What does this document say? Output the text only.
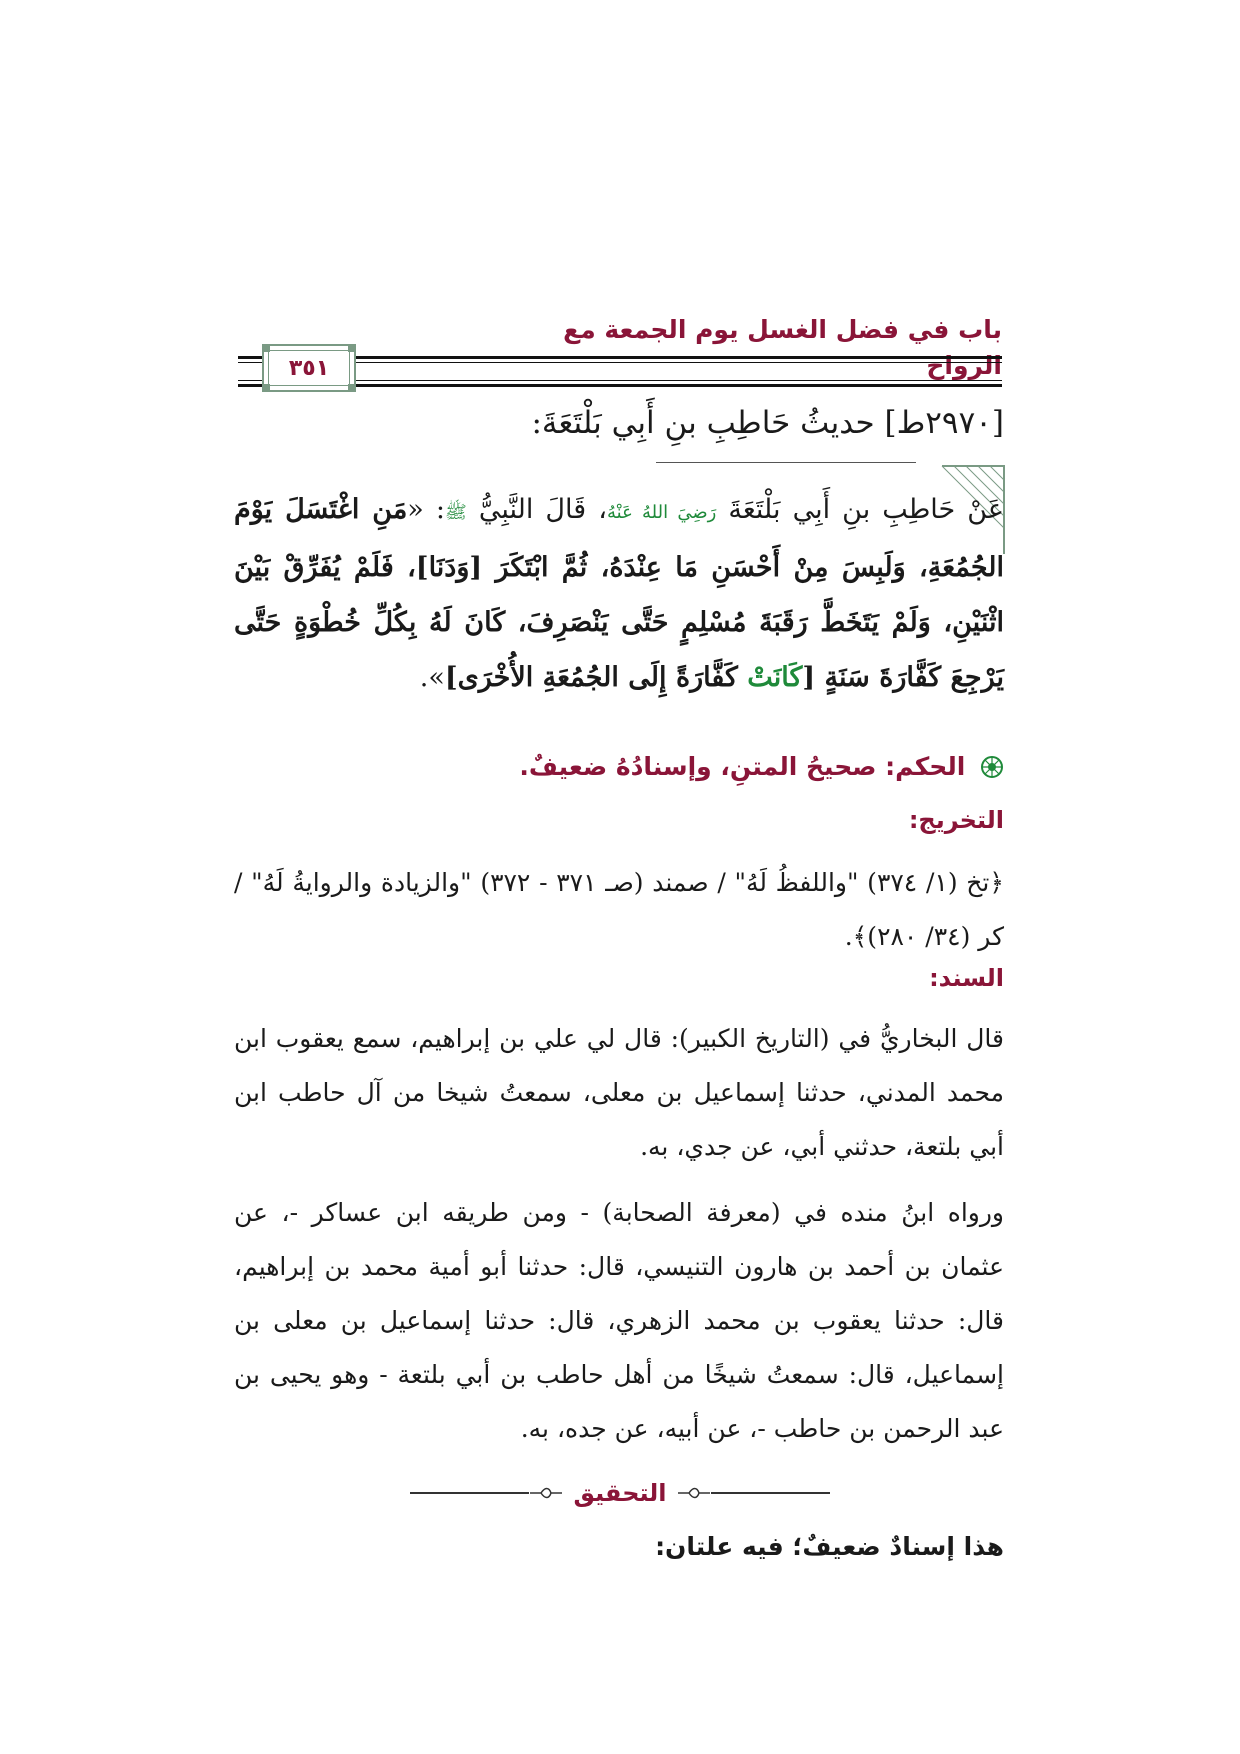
باب في فضل الغسل يوم الجمعة مع الرواح
٣٥١
[٢٩٧٠ط] حديثُ حَاطِبِ بنِ أَبِي بَلْتَعَةَ:
عَنْ حَاطِبِ بنِ أَبِي بَلْتَعَةَ رَضِيَ اللهُ عَنْهُ، قَالَ النَّبِيُّ ﷺ: «مَنِ اغْتَسَلَ يَوْمَ الجُمُعَةِ، وَلَبِسَ مِنْ أَحْسَنِ مَا عِنْدَهُ، ثُمَّ ابْتَكَرَ [وَدَنَا]، فَلَمْ يُفَرِّقْ بَيْنَ اثْنَيْنِ، وَلَمْ يَتَخَطَّ رَقَبَةَ مُسْلِمٍ حَتَّى يَنْصَرِفَ، كَانَ لَهُ بِكُلِّ خُطْوَةٍ حَتَّى يَرْجِعَ كَفَّارَةَ سَنَةٍ [كَانَتْ كَفَّارَةً إِلَى الجُمُعَةِ الأُخْرَى]».
الحكم: صحيحُ المتنِ، وإسنادُهُ ضعيفٌ.
التخريج:
﴿تخ (١/ ٣٧٤) "واللفظُ لَهُ" / صمند (صـ ٣٧١ - ٣٧٢) "والزيادة والروايةُ لَهُ" / كر (٣٤/ ٢٨٠)﴾.
السند:
قال البخاريُّ في (التاريخ الكبير): قال لي علي بن إبراهيم، سمع يعقوب ابن محمد المدني، حدثنا إسماعيل بن معلى، سمعتُ شيخا من آل حاطب ابن أبي بلتعة، حدثني أبي، عن جدي، به.
ورواه ابنُ منده في (معرفة الصحابة) - ومن طريقه ابن عساكر -، عن عثمان بن أحمد بن هارون التنيسي، قال: حدثنا أبو أمية محمد بن إبراهيم، قال: حدثنا يعقوب بن محمد الزهري، قال: حدثنا إسماعيل بن معلى بن إسماعيل، قال: سمعتُ شيخًا من أهل حاطب بن أبي بلتعة - وهو يحيى بن عبد الرحمن بن حاطب -، عن أبيه، عن جده، به.
التحقيق
هذا إسنادٌ ضعيفٌ؛ فيه علتان:
